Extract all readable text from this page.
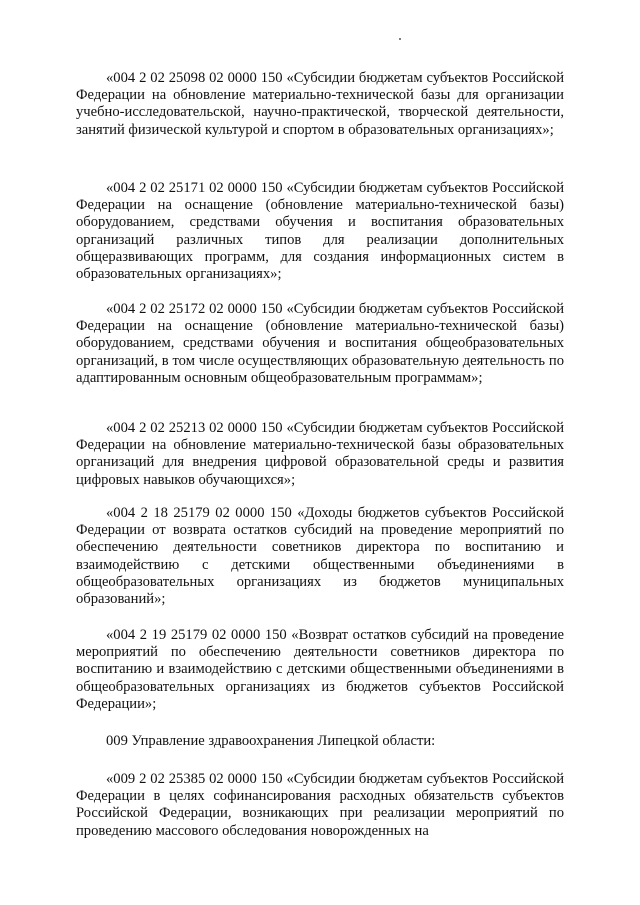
«004 2 02 25098 02 0000 150 «Субсидии бюджетам субъектов Российской Федерации на обновление материально-технической базы для организации учебно-исследовательской, научно-практической, творческой деятельности, занятий физической культурой и спортом в образовательных организациях»;

«004 2 02 25171 02 0000 150 «Субсидии бюджетам субъектов Российской Федерации на оснащение (обновление материально-технической базы) оборудованием, средствами обучения и воспитания образовательных организаций различных типов для реализации дополнительных общеразвивающих программ, для создания информационных систем в образовательных организациях»;

«004 2 02 25172 02 0000 150 «Субсидии бюджетам субъектов Российской Федерации на оснащение (обновление материально-технической базы) оборудованием, средствами обучения и воспитания общеобразовательных организаций, в том числе осуществляющих образовательную деятельность по адаптированным основным общеобразовательным программам»;

«004 2 02 25213 02 0000 150 «Субсидии бюджетам субъектов Российской Федерации на обновление материально-технической базы образовательных организаций для внедрения цифровой образовательной среды и развития цифровых навыков обучающихся»;

«004 2 18 25179 02 0000 150 «Доходы бюджетов субъектов Российской Федерации от возврата остатков субсидий на проведение мероприятий по обеспечению деятельности советников директора по воспитанию и взаимодействию с детскими общественными объединениями в общеобразовательных организациях из бюджетов муниципальных образований»;

«004 2 19 25179 02 0000 150 «Возврат остатков субсидий на проведение мероприятий по обеспечению деятельности советников директора по воспитанию и взаимодействию с детскими общественными объединениями в общеобразовательных организациях из бюджетов субъектов Российской Федерации»;

009 Управление здравоохранения Липецкой области:

«009 2 02 25385 02 0000 150 «Субсидии бюджетам субъектов Российской Федерации в целях софинансирования расходных обязательств субъектов Российской Федерации, возникающих при реализации мероприятий по проведению массового обследования новорожденных на
